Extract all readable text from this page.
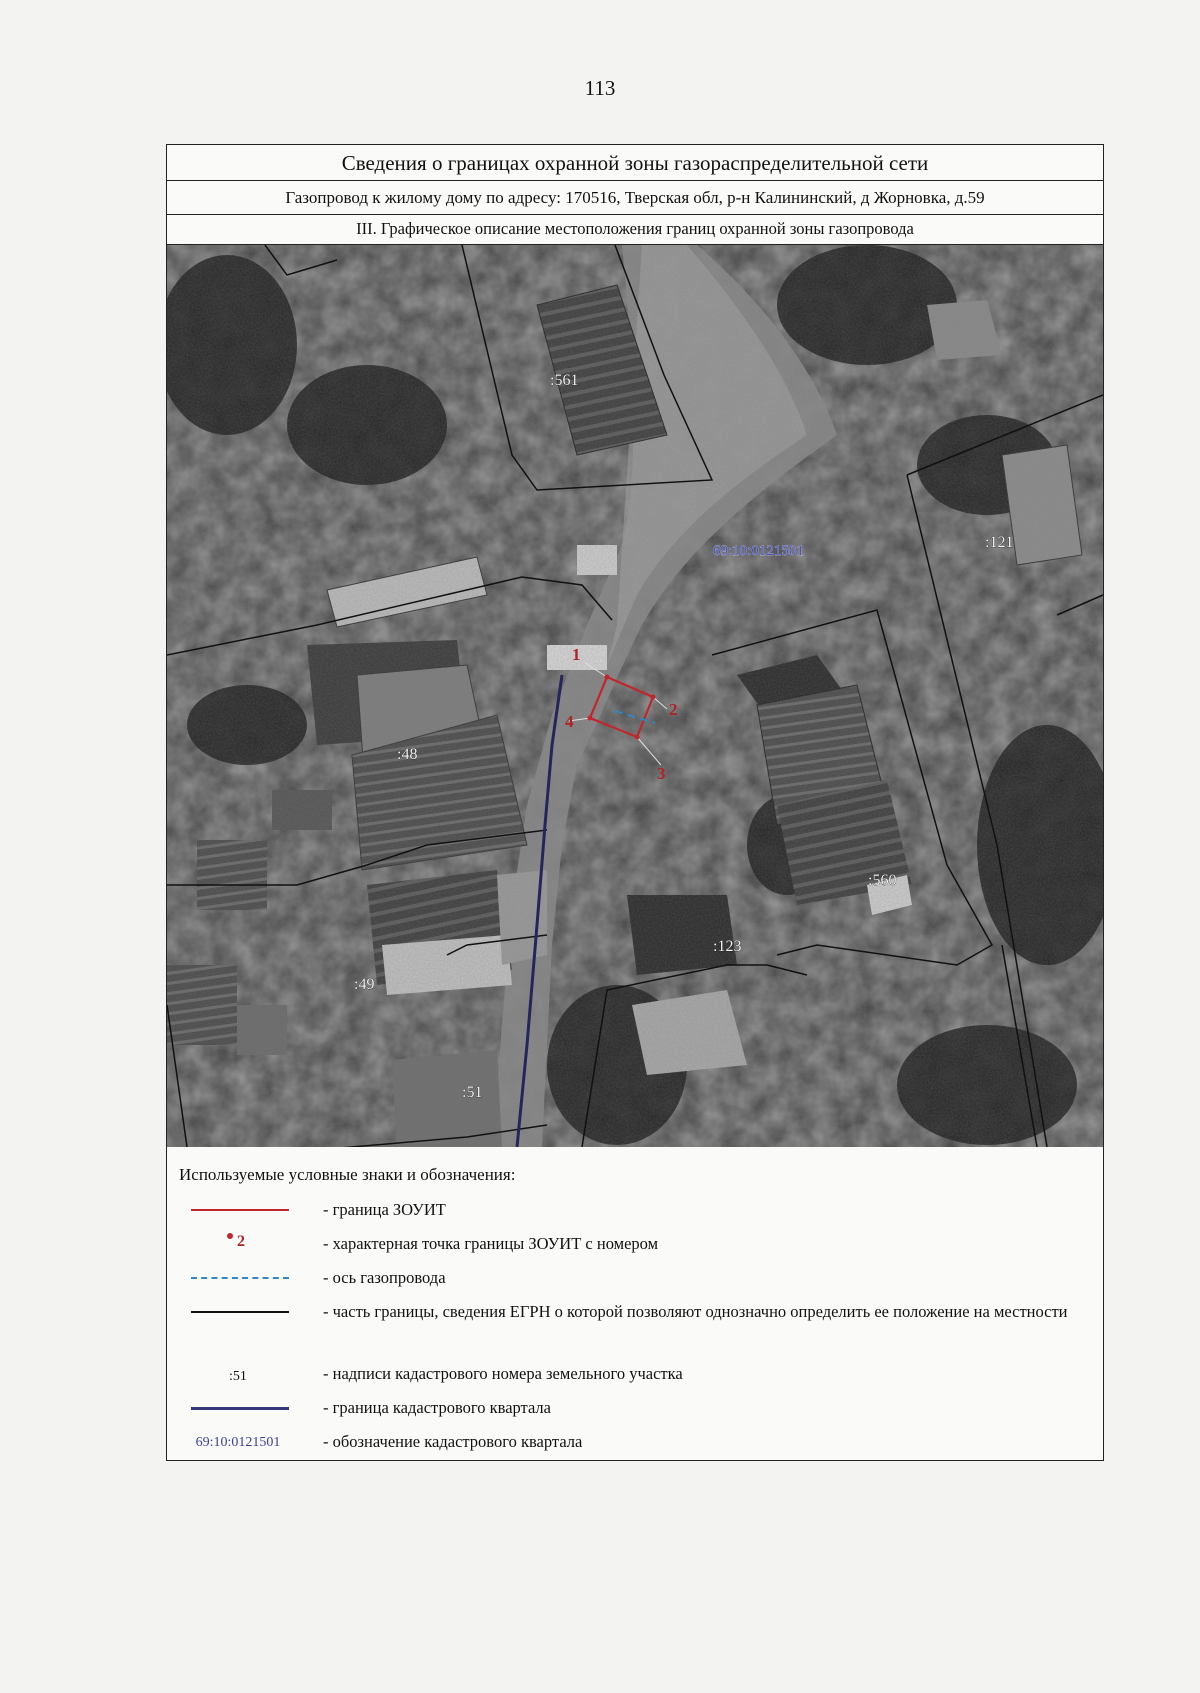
113
Сведения о границах охранной зоны газораспределительной сети
Газопровод к жилому дому по адресу: 170516, Тверская обл, р-н Калининский, д Жорновка, д.59
III. Графическое описание местоположения границ охранной зоны газопровода
1
2
3
4
:561
:121
:48
:560
:123
:49
:51
69:10:0121501
Используемые условные знаки и обозначения:
- граница ЗОУИТ
2	- характерная точка границы ЗОУИТ с номером
- ось газопровода
- часть границы, сведения ЕГРН о которой позволяют однозначно определить ее положение на местности
:51	- надписи кадастрового номера земельного участка
- граница кадастрового квартала
69:10:0121501	- обозначение кадастрового квартала
